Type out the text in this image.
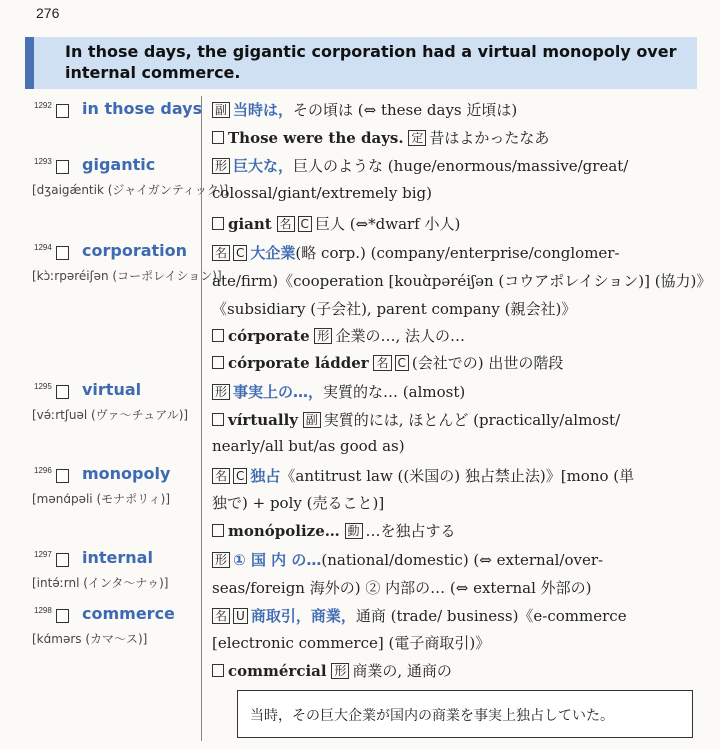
276
In those days, the gigantic corporation had a virtual monopoly over internal commerce.
1292 in those days
1293 gigantic
[dʒaigǽntik (ジャイガンティック)]
1294 corporation
[kɔ̀ːrpəréiʃən (コーポレイション)]
1295 virtual
[və́ːrtʃuəl (ヴァ～チュアル)]
1296 monopoly
[mənɑ́pəli (モナポリィ)]
1297 internal
[intə́ːrnl (インタ～ナゥ)]
1298 commerce
[kɑ́mərs (カマ～ス)]
副 当時は，その頃は (⇔ these days 近頃は)
Those were the days. 定 昔はよかったなあ
形 巨大な，巨人のような (huge/enormous/massive/great/
colossal/giant/extremely big)
giant 名 C 巨人 (⇔*dwarf 小人)
名 C 大企業(略 corp.) (company/enterprise/conglomer-
ate/firm)《cooperation [kouɑ̀pəréiʃən (コウアポレイション)] (協力)》
《subsidiary (子会社), parent company (親会社)》
córporate 形 企業の…, 法人の…
córporate ládder 名 C (会社での) 出世の階段
形 事実上の…，実質的な… (almost)
vírtually 副 実質的には, ほとんど (practically/almost/
nearly/all but/as good as)
名 C 独占《antitrust law ((米国の) 独占禁止法)》[mono (単
独で) + poly (売ること)]
monópolize… 動 …を独占する
形 ① 国 内 の…(national/domestic) (⇔ external/over-
seas/foreign 海外の) ② 内部の… (⇔ external 外部の)
名 U 商取引，商業，通商 (trade/ business)《e-commerce
[electronic commerce] (電子商取引)》
commércial 形 商業の, 通商の
当時，その巨大企業が国内の商業を事実上独占していた。
